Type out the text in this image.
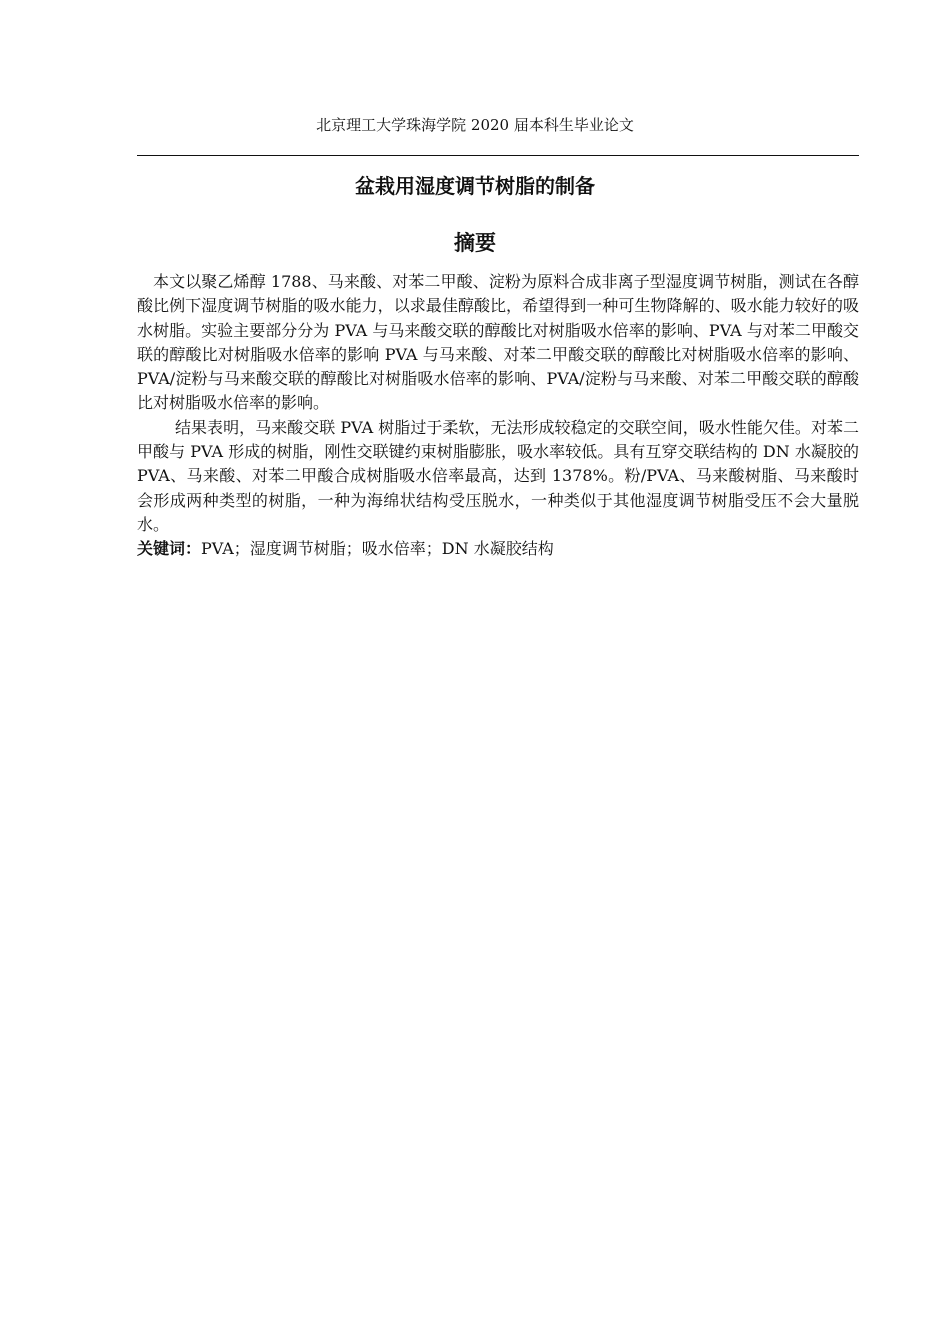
北京理工大学珠海学院 2020 届本科生毕业论文
盆栽用湿度调节树脂的制备
摘要

本文以聚乙烯醇 1788、马来酸、对苯二甲酸、淀粉为原料合成非离子型湿度调节树脂，测试在各醇酸比例下湿度调节树脂的吸水能力，以求最佳醇酸比，希望得到一种可生物降解的、吸水能力较好的吸水树脂。实验主要部分分为 PVA 与马来酸交联的醇酸比对树脂吸水倍率的影响、PVA 与对苯二甲酸交联的醇酸比对树脂吸水倍率的影响 PVA 与马来酸、对苯二甲酸交联的醇酸比对树脂吸水倍率的影响、PVA/淀粉与马来酸交联的醇酸比对树脂吸水倍率的影响、PVA/淀粉与马来酸、对苯二甲酸交联的醇酸比对树脂吸水倍率的影响。

结果表明，马来酸交联 PVA 树脂过于柔软，无法形成较稳定的交联空间，吸水性能欠佳。对苯二甲酸与 PVA 形成的树脂，刚性交联键约束树脂膨胀，吸水率较低。具有互穿交联结构的 DN 水凝胶的 PVA、马来酸、对苯二甲酸合成树脂吸水倍率最高，达到 1378%。粉/PVA、马来酸树脂、马来酸时会形成两种类型的树脂，一种为海绵状结构受压脱水，一种类似于其他湿度调节树脂受压不会大量脱水。

关键词：PVA；湿度调节树脂；吸水倍率；DN 水凝胶结构
